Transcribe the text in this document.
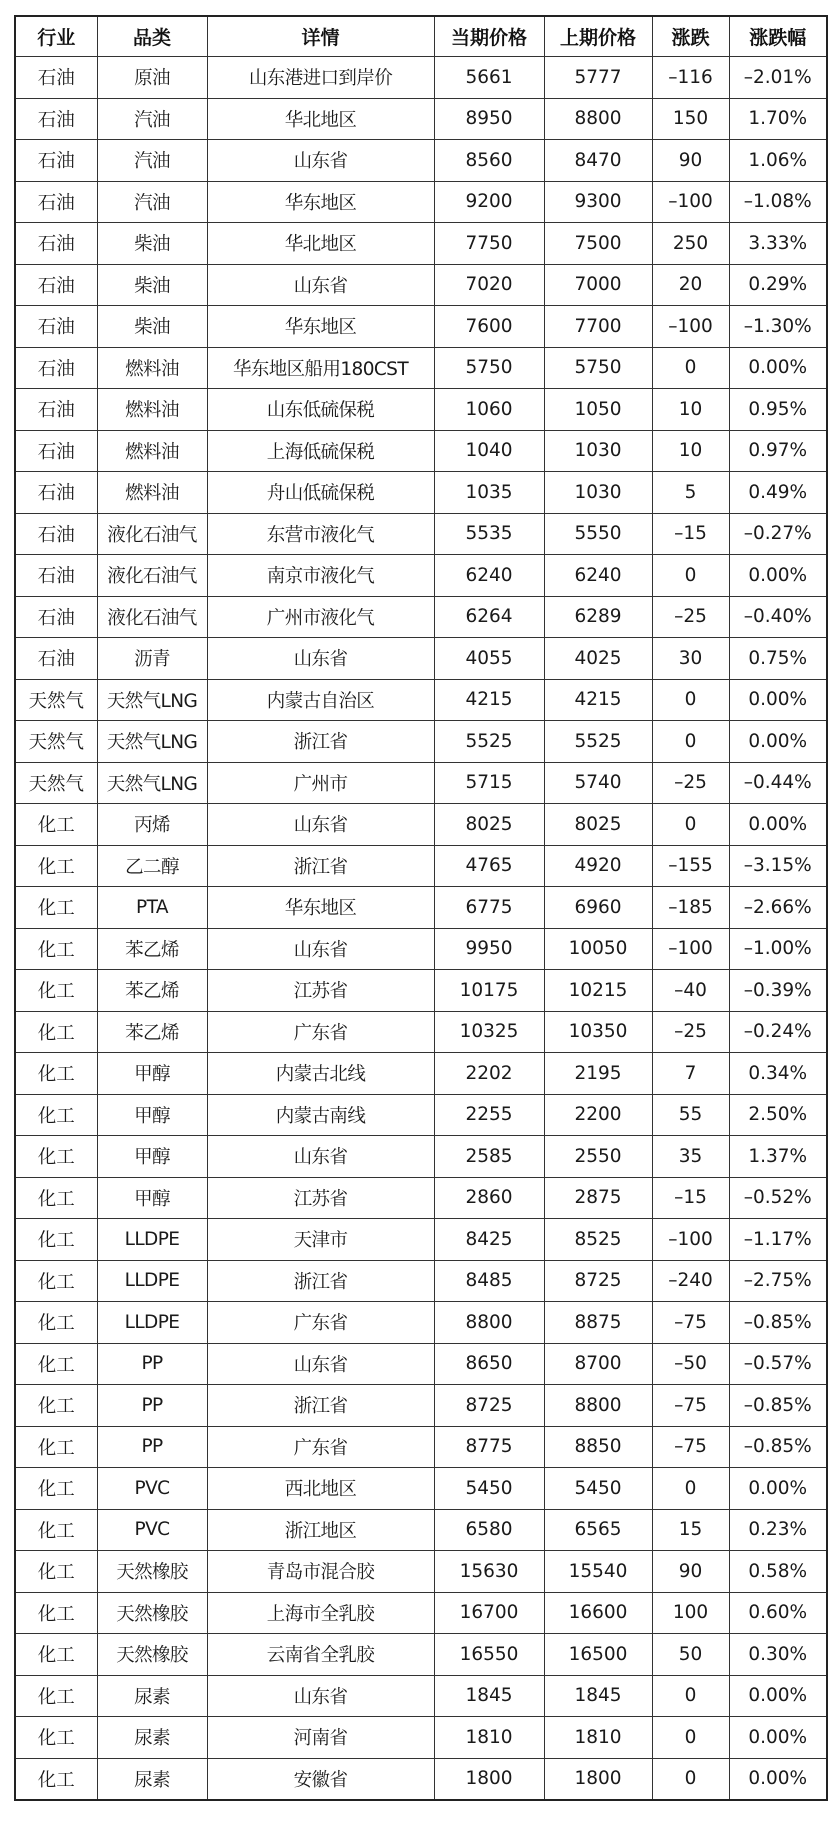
行业	品类	详情	当期价格	上期价格	涨跌	涨跌幅
石油	原油	山东港进口到岸价	5661	5777	–116	–2.01%
石油	汽油	华北地区	8950	8800	150	1.70%
石油	汽油	山东省	8560	8470	90	1.06%
石油	汽油	华东地区	9200	9300	–100	–1.08%
石油	柴油	华北地区	7750	7500	250	3.33%
石油	柴油	山东省	7020	7000	20	0.29%
石油	柴油	华东地区	7600	7700	–100	–1.30%
石油	燃料油	华东地区船用180CST	5750	5750	0	0.00%
石油	燃料油	山东低硫保税	1060	1050	10	0.95%
石油	燃料油	上海低硫保税	1040	1030	10	0.97%
石油	燃料油	舟山低硫保税	1035	1030	5	0.49%
石油	液化石油气	东营市液化气	5535	5550	–15	–0.27%
石油	液化石油气	南京市液化气	6240	6240	0	0.00%
石油	液化石油气	广州市液化气	6264	6289	–25	–0.40%
石油	沥青	山东省	4055	4025	30	0.75%
天然气	天然气LNG	内蒙古自治区	4215	4215	0	0.00%
天然气	天然气LNG	浙江省	5525	5525	0	0.00%
天然气	天然气LNG	广州市	5715	5740	–25	–0.44%
化工	丙烯	山东省	8025	8025	0	0.00%
化工	乙二醇	浙江省	4765	4920	–155	–3.15%
化工	PTA	华东地区	6775	6960	–185	–2.66%
化工	苯乙烯	山东省	9950	10050	–100	–1.00%
化工	苯乙烯	江苏省	10175	10215	–40	–0.39%
化工	苯乙烯	广东省	10325	10350	–25	–0.24%
化工	甲醇	内蒙古北线	2202	2195	7	0.34%
化工	甲醇	内蒙古南线	2255	2200	55	2.50%
化工	甲醇	山东省	2585	2550	35	1.37%
化工	甲醇	江苏省	2860	2875	–15	–0.52%
化工	LLDPE	天津市	8425	8525	–100	–1.17%
化工	LLDPE	浙江省	8485	8725	–240	–2.75%
化工	LLDPE	广东省	8800	8875	–75	–0.85%
化工	PP	山东省	8650	8700	–50	–0.57%
化工	PP	浙江省	8725	8800	–75	–0.85%
化工	PP	广东省	8775	8850	–75	–0.85%
化工	PVC	西北地区	5450	5450	0	0.00%
化工	PVC	浙江地区	6580	6565	15	0.23%
化工	天然橡胶	青岛市混合胶	15630	15540	90	0.58%
化工	天然橡胶	上海市全乳胶	16700	16600	100	0.60%
化工	天然橡胶	云南省全乳胶	16550	16500	50	0.30%
化工	尿素	山东省	1845	1845	0	0.00%
化工	尿素	河南省	1810	1810	0	0.00%
化工	尿素	安徽省	1800	1800	0	0.00%
